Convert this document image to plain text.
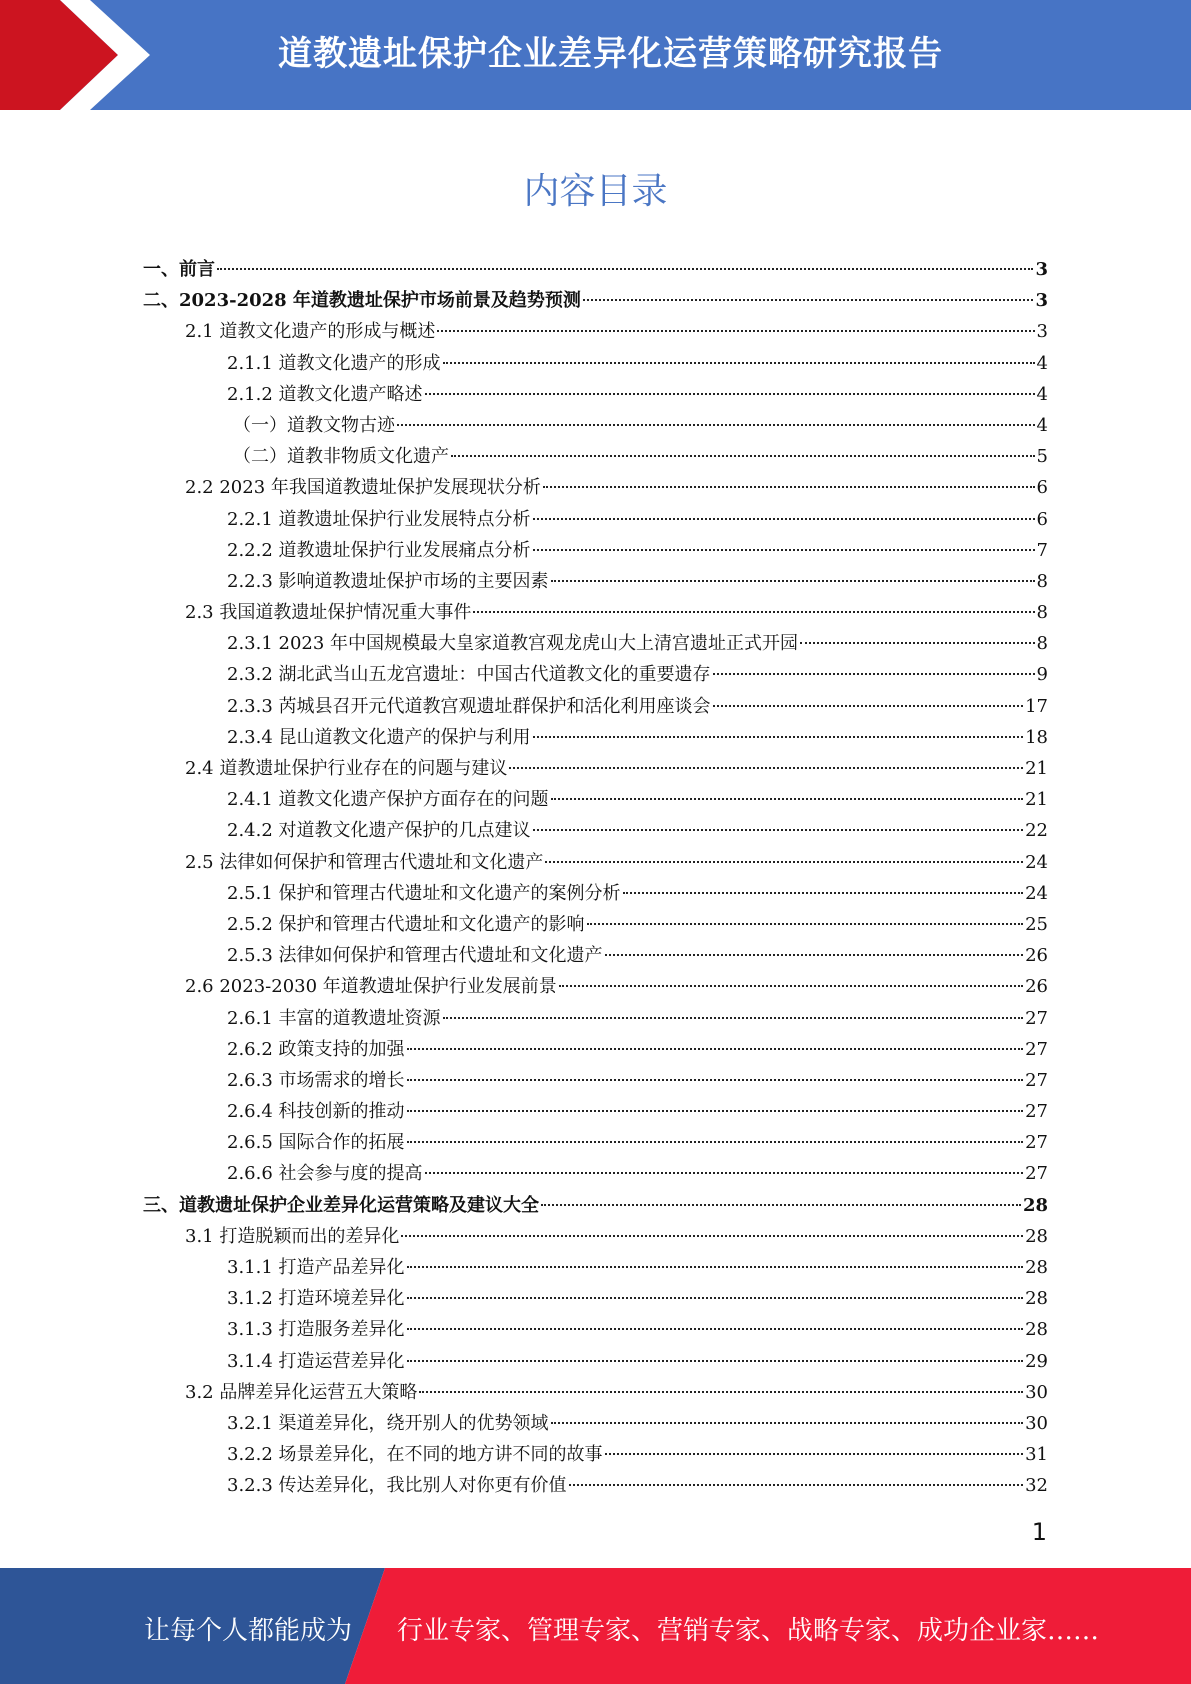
道教遗址保护企业差异化运营策略研究报告
内容目录
一、前言	3
二、2023-2028 年道教遗址保护市场前景及趋势预测	3
2.1 道教文化遗产的形成与概述	3
2.1.1 道教文化遗产的形成	4
2.1.2 道教文化遗产略述	4
（一）道教文物古迹	4
（二）道教非物质文化遗产	5
2.2 2023 年我国道教遗址保护发展现状分析	6
2.2.1 道教遗址保护行业发展特点分析	6
2.2.2 道教遗址保护行业发展痛点分析	7
2.2.3 影响道教遗址保护市场的主要因素	8
2.3 我国道教遗址保护情况重大事件	8
2.3.1 2023 年中国规模最大皇家道教宫观龙虎山大上清宫遗址正式开园	8
2.3.2 湖北武当山五龙宫遗址：中国古代道教文化的重要遗存	9
2.3.3 芮城县召开元代道教宫观遗址群保护和活化利用座谈会	17
2.3.4 昆山道教文化遗产的保护与利用	18
2.4 道教遗址保护行业存在的问题与建议	21
2.4.1 道教文化遗产保护方面存在的问题	21
2.4.2 对道教文化遗产保护的几点建议	22
2.5 法律如何保护和管理古代遗址和文化遗产	24
2.5.1 保护和管理古代遗址和文化遗产的案例分析	24
2.5.2 保护和管理古代遗址和文化遗产的影响	25
2.5.3 法律如何保护和管理古代遗址和文化遗产	26
2.6 2023-2030 年道教遗址保护行业发展前景	26
2.6.1 丰富的道教遗址资源	27
2.6.2 政策支持的加强	27
2.6.3 市场需求的增长	27
2.6.4 科技创新的推动	27
2.6.5 国际合作的拓展	27
2.6.6 社会参与度的提高	27
三、道教遗址保护企业差异化运营策略及建议大全	28
3.1 打造脱颖而出的差异化	28
3.1.1 打造产品差异化	28
3.1.2 打造环境差异化	28
3.1.3 打造服务差异化	28
3.1.4 打造运营差异化	29
3.2 品牌差异化运营五大策略	30
3.2.1 渠道差异化，绕开别人的优势领域	30
3.2.2 场景差异化，在不同的地方讲不同的故事	31
3.2.3 传达差异化，我比别人对你更有价值	32
1
让每个人都能成为 行业专家、管理专家、营销专家、战略专家、成功企业家……
